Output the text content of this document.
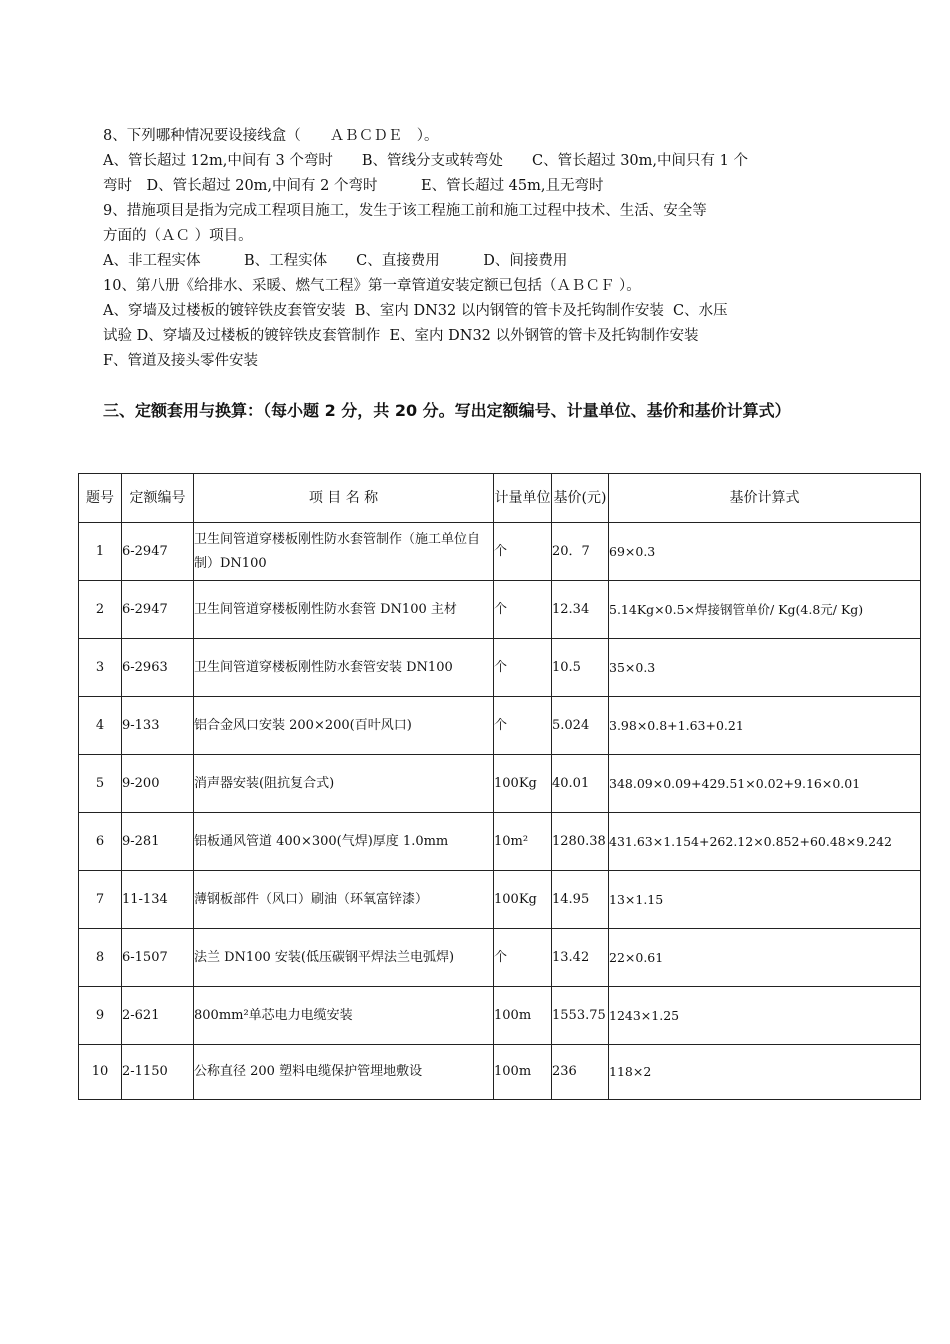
8、下列哪种情况要设接线盒（　　ＡＢＣＤＥ　）。
A、管长超过 12m,中间有 3 个弯时　　B、管线分支或转弯处　　C、管长超过 30m,中间只有 1 个
弯时　D、管长超过 20m,中间有 2 个弯时　　　E、管长超过 45m,且无弯时
9、措施项目是指为完成工程项目施工，发生于该工程施工前和施工过程中技术、生活、安全等
方面的（ＡＣ ）项目。
A、非工程实体　　　B、工程实体　　C、直接费用　　　D、间接费用
10、第八册《给排水、采暖、燃气工程》第一章管道安装定额已包括（ＡＢＣＦ ）。
A、穿墙及过楼板的镀锌铁皮套管安装  B、室内 DN32 以内钢管的管卡及托钩制作安装  C、水压
试验 D、穿墙及过楼板的镀锌铁皮套管制作  E、室内 DN32 以外钢管的管卡及托钩制作安装
F、管道及接头零件安装
三、定额套用与换算：（每小题 2 分，共 20 分。写出定额编号、计量单位、基价和基价计算式）
题号	定额编号	项 目 名 称	计量单位	基价(元)	基价计算式
1	6-2947	卫生间管道穿楼板刚性防水套管制作（施工单位自制）DN100	个	20．7	69×0.3
2	6-2947	卫生间管道穿楼板刚性防水套管 DN100 主材	个	12.34	5.14Kg×0.5×焊接钢管单价/ Kg(4.8元/ Kg)
3	6-2963	卫生间管道穿楼板刚性防水套管安装 DN100	个	10.5	35×0.3
4	9-133	铝合金风口安装 200×200(百叶风口)	个	5.024	3.98×0.8+1.63+0.21
5	9-200	消声器安装(阻抗复合式)	100Kg	40.01	348.09×0.09+429.51×0.02+9.16×0.01
6	9-281	铝板通风管道 400×300(气焊)厚度 1.0mm	10m²	1280.38	431.63×1.154+262.12×0.852+60.48×9.242
7	11-134	薄钢板部件（风口）刷油（环氧富锌漆）	100Kg	14.95	13×1.15
8	6-1507	法兰 DN100 安装(低压碳钢平焊法兰电弧焊)	个	13.42	22×0.61
9	2-621	800mm²单芯电力电缆安装	100m	1553.75	1243×1.25
10	2-1150	公称直径 200 塑料电缆保护管埋地敷设	100m	236	118×2
